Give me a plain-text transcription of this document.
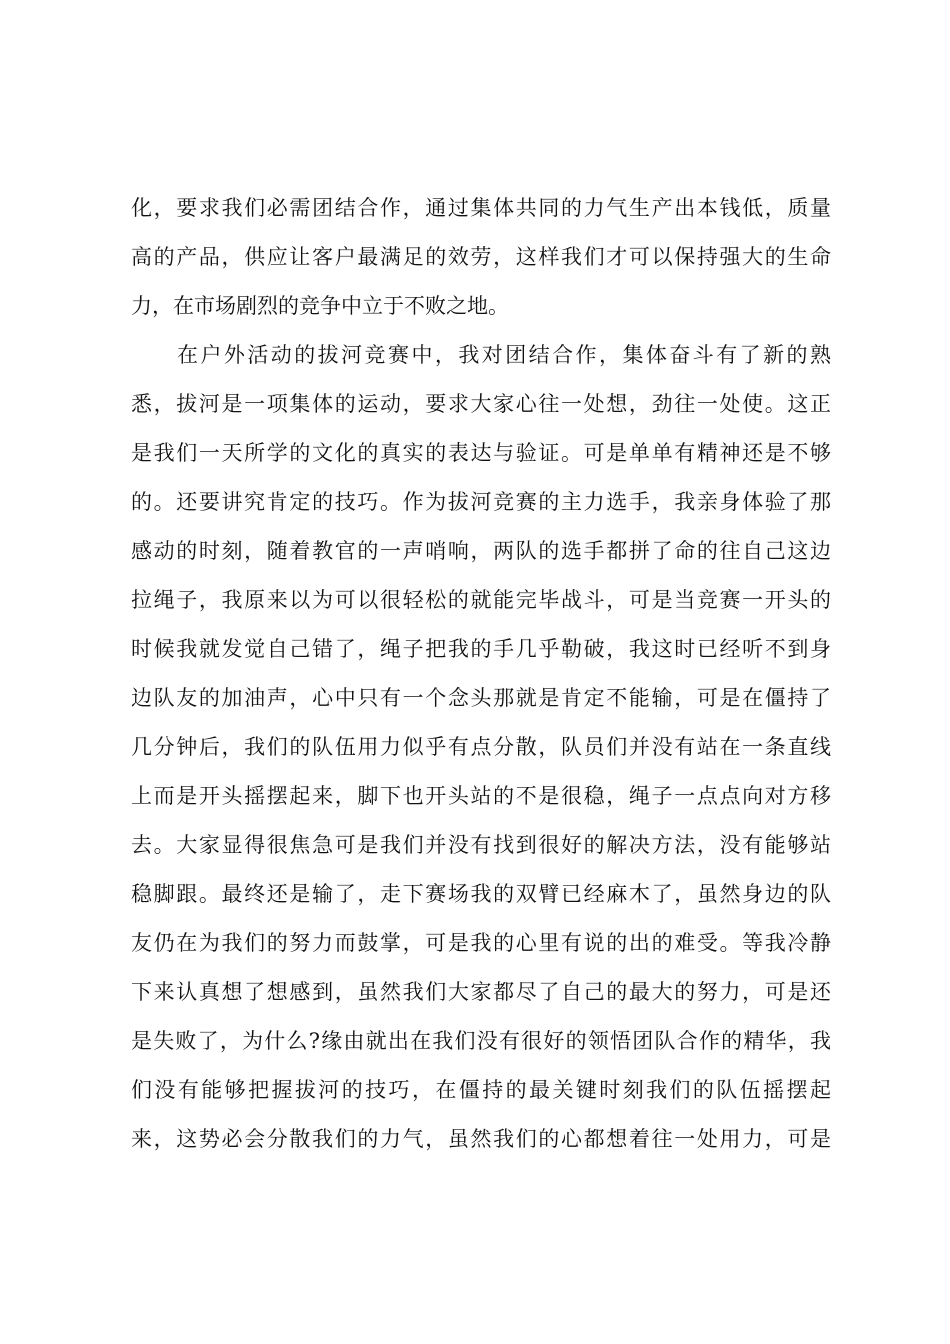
化，要求我们必需团结合作，通过集体共同的力气生产出本钱低，质量
高的产品，供应让客户最满足的效劳，这样我们才可以保持强大的生命
力，在市场剧烈的竞争中立于不败之地。
在户外活动的拔河竞赛中，我对团结合作，集体奋斗有了新的熟
悉，拔河是一项集体的运动，要求大家心往一处想，劲往一处使。这正
是我们一天所学的文化的真实的表达与验证。可是单单有精神还是不够
的。还要讲究肯定的技巧。作为拔河竞赛的主力选手，我亲身体验了那
感动的时刻，随着教官的一声哨响，两队的选手都拼了命的往自己这边
拉绳子，我原来以为可以很轻松的就能完毕战斗，可是当竞赛一开头的
时候我就发觉自己错了，绳子把我的手几乎勒破，我这时已经听不到身
边队友的加油声，心中只有一个念头那就是肯定不能输，可是在僵持了
几分钟后，我们的队伍用力似乎有点分散，队员们并没有站在一条直线
上而是开头摇摆起来，脚下也开头站的不是很稳，绳子一点点向对方移
去。大家显得很焦急可是我们并没有找到很好的解决方法，没有能够站
稳脚跟。最终还是输了，走下赛场我的双臂已经麻木了，虽然身边的队
友仍在为我们的努力而鼓掌，可是我的心里有说的出的难受。等我冷静
下来认真想了想感到，虽然我们大家都尽了自己的最大的努力，可是还
是失败了，为什么?缘由就出在我们没有很好的领悟团队合作的精华，我
们没有能够把握拔河的技巧，在僵持的最关键时刻我们的队伍摇摆起
来，这势必会分散我们的力气，虽然我们的心都想着往一处用力，可是
